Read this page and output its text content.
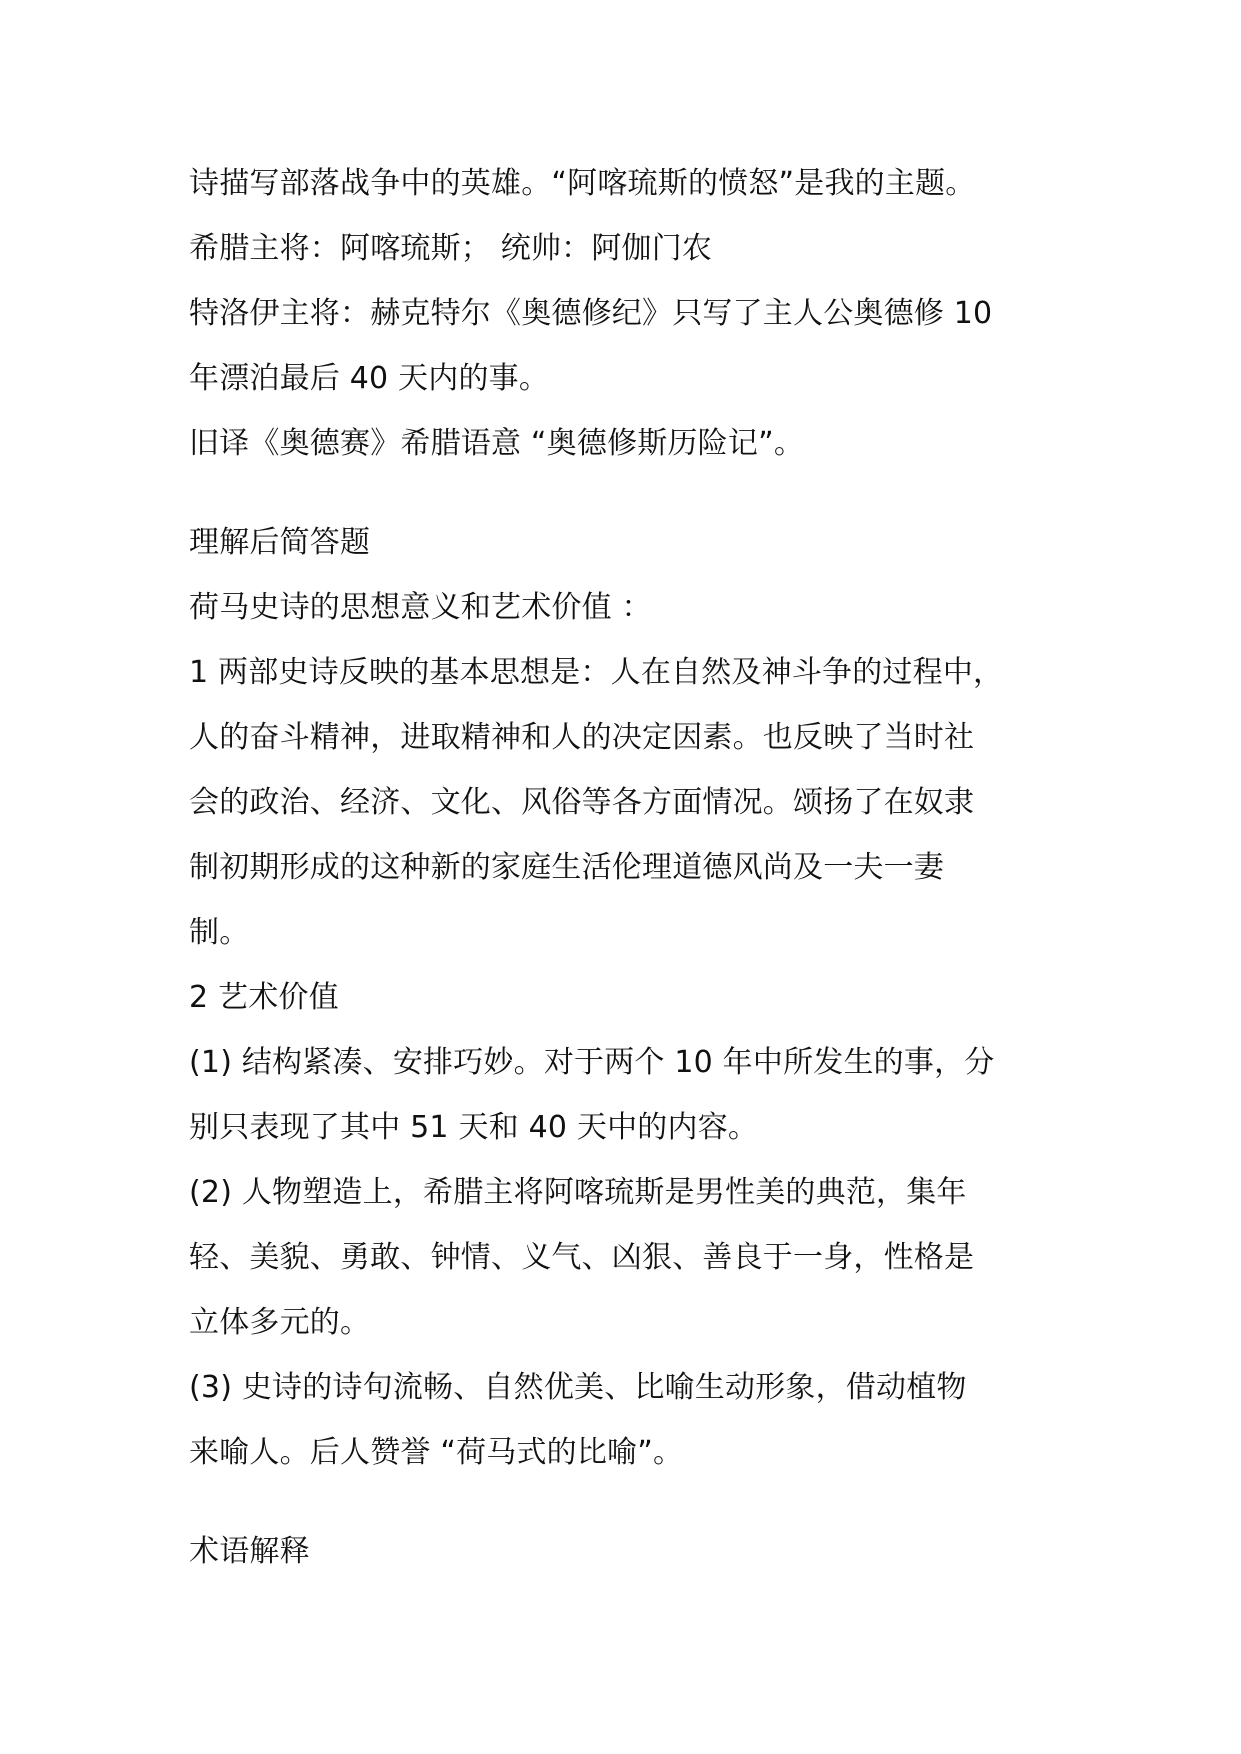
诗描写部落战争中的英雄。“阿喀琉斯的愤怒”是我的主题。
希腊主将：阿喀琉斯； 统帅：阿伽门农
特洛伊主将：赫克特尔《奥德修纪》只写了主人公奥德修 10
年漂泊最后 40 天内的事。
旧译《奥德赛》希腊语意 “奥德修斯历险记”。
理解后简答题
荷马史诗的思想意义和艺术价值 ：
1 两部史诗反映的基本思想是：人在自然及神斗争的过程中，
人的奋斗精神，进取精神和人的决定因素。也反映了当时社
会的政治、经济、文化、风俗等各方面情况。颂扬了在奴隶
制初期形成的这种新的家庭生活伦理道德风尚及一夫一妻
制。
2 艺术价值
(1) 结构紧凑、安排巧妙。对于两个 10 年中所发生的事，分
别只表现了其中 51 天和 40 天中的内容。
(2) 人物塑造上，希腊主将阿喀琉斯是男性美的典范，集年
轻、美貌、勇敢、钟情、义气、凶狠、善良于一身，性格是
立体多元的。
(3) 史诗的诗句流畅、自然优美、比喻生动形象，借动植物
来喻人。后人赞誉 “荷马式的比喻”。
术语解释
